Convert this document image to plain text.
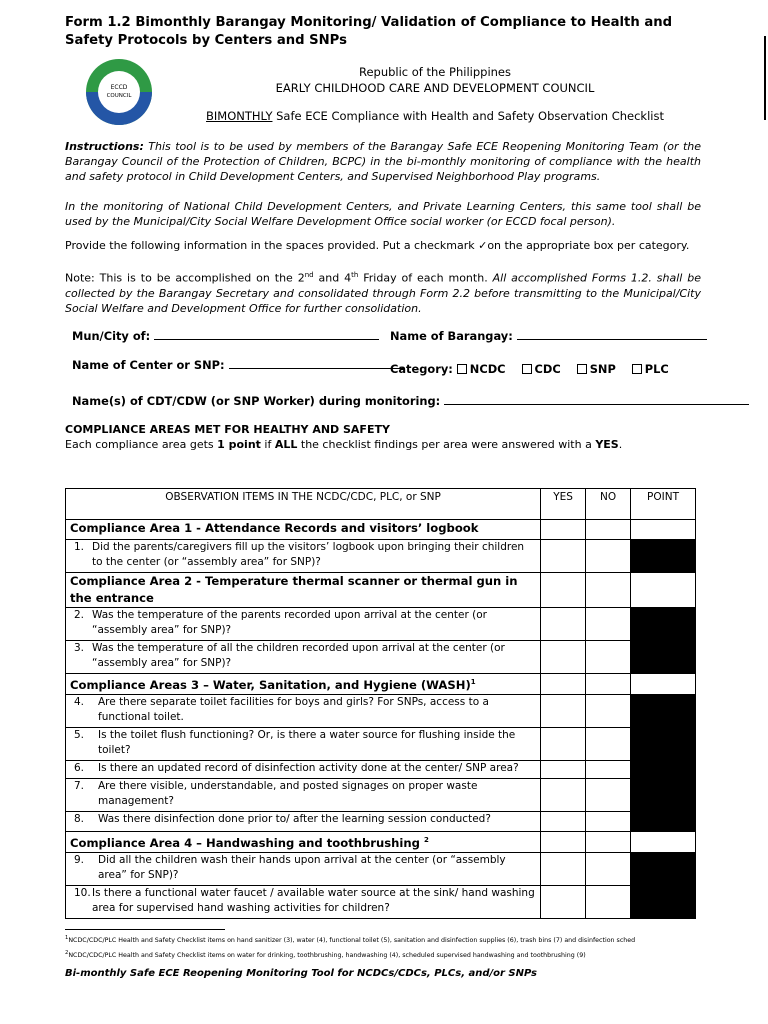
Form 1.2 Bimonthly Barangay Monitoring/ Validation of Compliance to Health and Safety Protocols by Centers and SNPs
ECCD
COUNCIL
Republic of the Philippines
EARLY CHILDHOOD CARE AND DEVELOPMENT COUNCIL
BIMONTHLY Safe ECE Compliance with Health and Safety Observation Checklist
Instructions: This tool is to be used by members of the Barangay Safe ECE Reopening Monitoring Team (or the Barangay Council of the Protection of Children, BCPC) in the bi-monthly monitoring of compliance with the health and safety protocol in Child Development Centers, and Supervised Neighborhood Play programs.
In the monitoring of National Child Development Centers, and Private Learning Centers, this same tool shall be used by the Municipal/City Social Welfare Development Office social worker (or ECCD focal person).
Provide the following information in the spaces provided. Put a checkmark ✓on the appropriate box per category.
Note: This is to be accomplished on the 2nd and 4th Friday of each month. All accomplished Forms 1.2. shall be collected by the Barangay Secretary and consolidated through Form 2.2 before transmitting to the Municipal/City Social Welfare and Development Office for further consolidation.
Mun/City of:	Name of Barangay:
Name of Center or SNP:	Category: NCDC	CDC	SNP	PLC
Name(s) of CDT/CDW (or SNP Worker) during monitoring:
COMPLIANCE AREAS MET FOR HEALTHY AND SAFETY
Each compliance area gets 1 point if ALL the checklist findings per area were answered with a YES.
OBSERVATION ITEMS IN THE NCDC/CDC, PLC, or SNP	YES	NO	POINT
Compliance Area 1 - Attendance Records and visitors’ logbook			

1. Did the parents/caregivers fill up the visitors’ logbook upon bringing their children to the center (or “assembly area” for SNP)?			

Compliance Area 2 - Temperature thermal scanner or thermal gun in the entrance			

2. Was the temperature of the parents recorded upon arrival at the center (or “assembly area” for SNP)?			

3. Was the temperature of all the children recorded upon arrival at the center (or “assembly area” for SNP)?			

Compliance Areas 3 – Water, Sanitation, and Hygiene (WASH)$^1$			

4. Are there separate toilet facilities for boys and girls? For SNPs, access to a functional toilet.			

5. Is the toilet flush functioning? Or, is there a water source for flushing inside the toilet?			

6. Is there an updated record of disinfection activity done at the center/ SNP area?			

7. Are there visible, understandable, and posted signages on proper waste management?			

8. Was there disinfection done prior to/ after the learning session conducted?			

Compliance Area 4 – Handwashing and toothbrushing $^2$			

9. Did all the children wash their hands upon arrival at the center (or “assembly area” for SNP)?			

10. Is there a functional water faucet / available water source at the sink/ hand washing area for supervised hand washing activities for children?			

$^1$NCDC/CDC/PLC Health and Safety Checklist items on hand sanitizer (3), water (4), functional toilet (5), sanitation and disinfection supplies (6), trash bins (7) and disinfection sched
$^2$NCDC/CDC/PLC Health and Safety Checklist items on water for drinking, toothbrushing, handwashing (4), scheduled supervised handwashing and toothbrushing (9)
Bi-monthly Safe ECE Reopening Monitoring Tool for NCDCs/CDCs, PLCs, and/or SNPs
